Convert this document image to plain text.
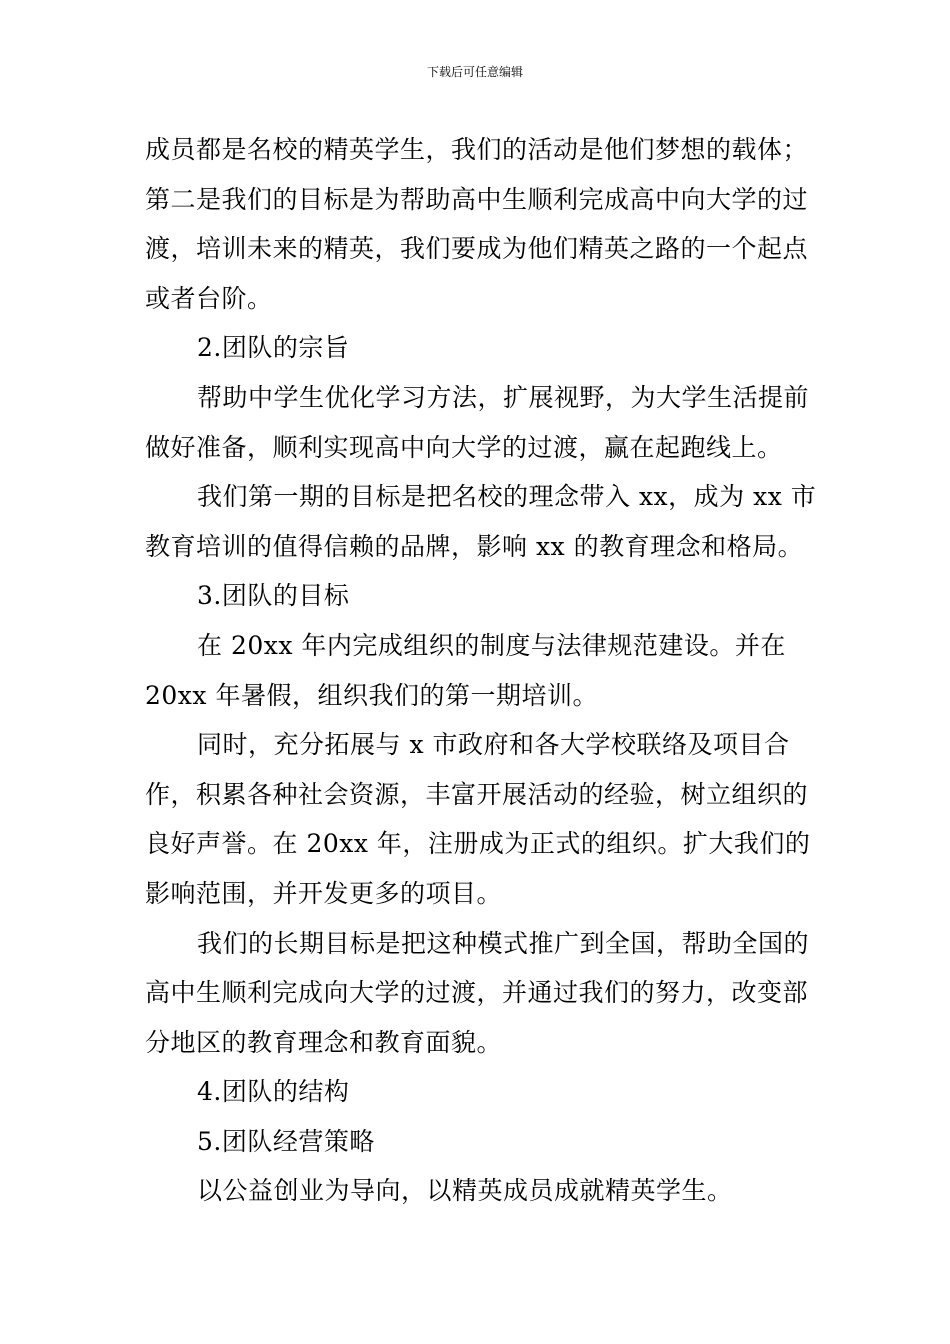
下载后可任意编辑

成员都是名校的精英学生，我们的活动是他们梦想的载体；第二是我们的目标是为帮助高中生顺利完成高中向大学的过渡，培训未来的精英，我们要成为他们精英之路的一个起点或者台阶。

2.团队的宗旨

帮助中学生优化学习方法，扩展视野，为大学生活提前做好准备，顺利实现高中向大学的过渡，赢在起跑线上。

我们第一期的目标是把名校的理念带入 xx，成为 xx 市教育培训的值得信赖的品牌，影响 xx 的教育理念和格局。

3.团队的目标

在 20xx 年内完成组织的制度与法律规范建设。并在 20xx 年暑假，组织我们的第一期培训。

同时，充分拓展与 x 市政府和各大学校联络及项目合作，积累各种社会资源，丰富开展活动的经验，树立组织的良好声誉。在 20xx 年，注册成为正式的组织。扩大我们的影响范围，并开发更多的项目。

我们的长期目标是把这种模式推广到全国，帮助全国的高中生顺利完成向大学的过渡，并通过我们的努力，改变部分地区的教育理念和教育面貌。

4.团队的结构

5.团队经营策略

以公益创业为导向，以精英成员成就精英学生。
